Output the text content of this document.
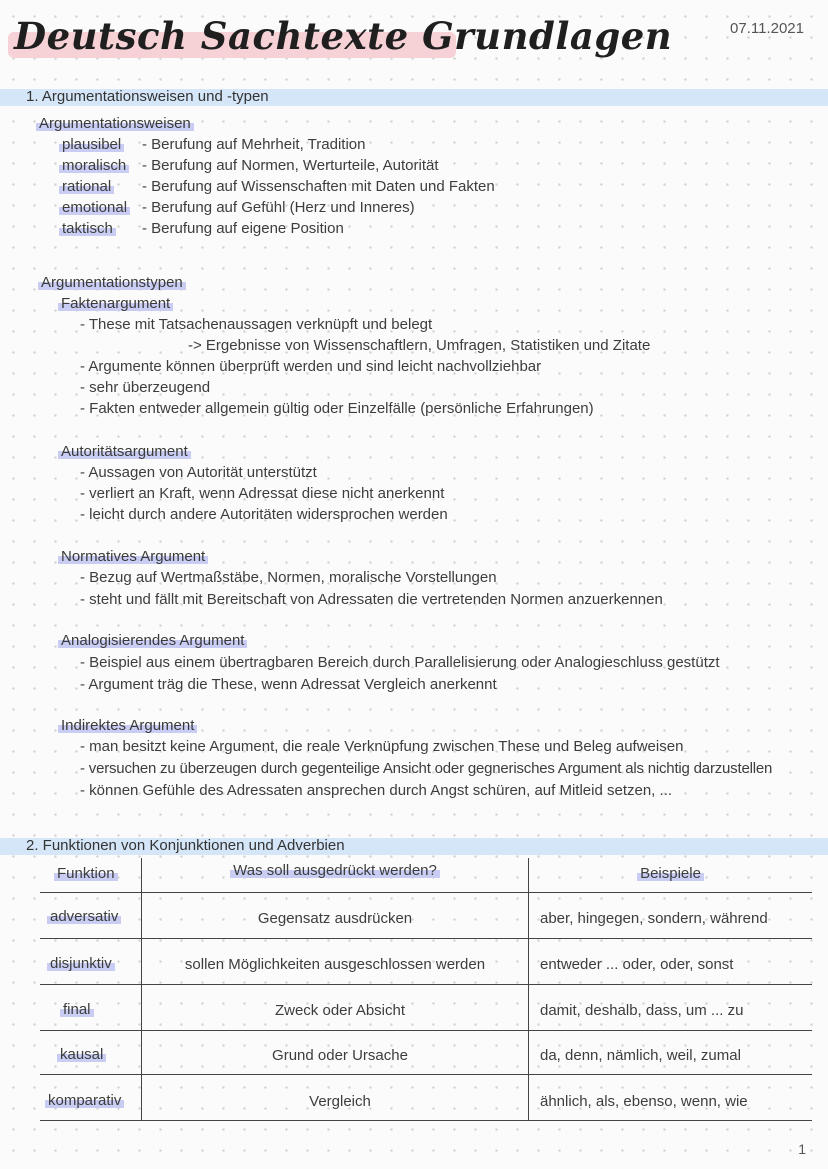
Deutsch Sachtexte Grundlagen	07.11.2021
1. Argumentationsweisen und -typen
Argumentationsweisen
plausibel - Berufung auf Mehrheit, Tradition
moralisch - Berufung auf Normen, Werturteile, Autorität
rational - Berufung auf Wissenschaften mit Daten und Fakten
emotional - Berufung auf Gefühl (Herz und Inneres)
taktisch - Berufung auf eigene Position
Argumentationstypen
Faktenargument
- These mit Tatsachenaussagen verknüpft und belegt
-> Ergebnisse von Wissenschaftlern, Umfragen, Statistiken und Zitate
- Argumente können überprüft werden und sind leicht nachvollziehbar
- sehr überzeugend
- Fakten entweder allgemein gültig oder Einzelfälle (persönliche Erfahrungen)
Autoritätsargument
- Aussagen von Autorität unterstützt
- verliert an Kraft, wenn Adressat diese nicht anerkennt
- leicht durch andere Autoritäten widersprochen werden
Normatives Argument
- Bezug auf Wertmaßstäbe, Normen, moralische Vorstellungen
- steht und fällt mit Bereitschaft von Adressaten die vertretenden Normen anzuerkennen
Analogisierendes Argument
- Beispiel aus einem übertragbaren Bereich durch Parallelisierung oder Analogieschluss gestützt
- Argument träg die These, wenn Adressat Vergleich anerkennt
Indirektes Argument
- man besitzt keine Argument, die reale Verknüpfung zwischen These und Beleg aufweisen
- versuchen zu überzeugen durch gegenteilige Ansicht oder gegnerisches Argument als nichtig darzustellen
- können Gefühle des Adressaten ansprechen durch Angst schüren, auf Mitleid setzen, ...
2. Funktionen von Konjunktionen und Adverbien
Funktion	Was soll ausgedrückt werden?	Beispiele
adversativ	Gegensatz ausdrücken	aber, hingegen, sondern, während
disjunktiv	sollen Möglichkeiten ausgeschlossen werden	entweder ... oder, oder, sonst
final	Zweck oder Absicht	damit, deshalb, dass, um ... zu
kausal	Grund oder Ursache	da, denn, nämlich, weil, zumal
komparativ	Vergleich	ähnlich, als, ebenso, wenn, wie
1
